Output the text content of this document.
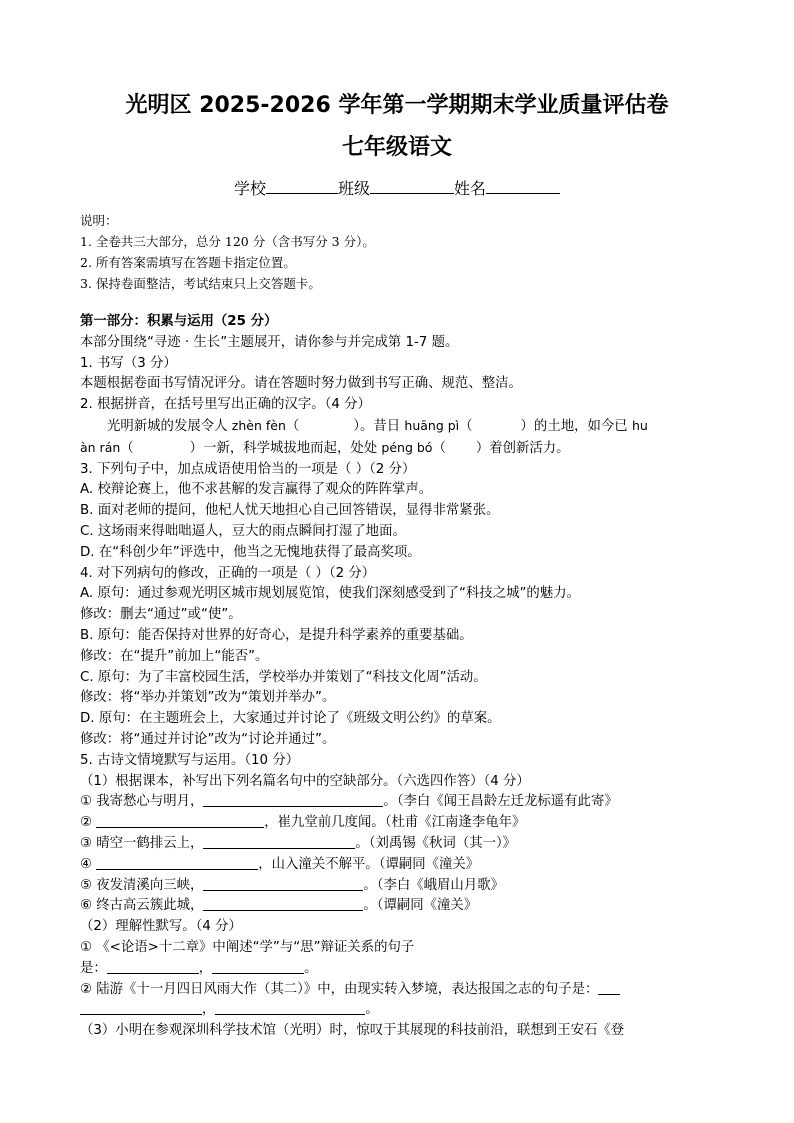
光明区 2025-2026 学年第一学期期末学业质量评估卷
七年级语文
学校	班级	姓名
说明：
1. 全卷共三大部分，总分 120 分（含书写分 3 分）。
2. 所有答案需填写在答题卡指定位置。
3. 保持卷面整洁，考试结束只上交答题卡。
第一部分：积累与运用（25 分）
本部分围绕“寻迹 · 生长”主题展开，请你参与并完成第 1-7 题。
1. 书写（3 分）
本题根据卷面书写情况评分。请在答题时努力做到书写正确、规范、整洁。
2. 根据拼音，在括号里写出正确的汉字。（4 分）
光明新城的发展令人 zhèn fèn（	）。昔日 huāng pì（	）的土地，如今已 hu
àn rán（	）一新，科学城拔地而起，处处 péng bó（ ）着创新活力。
3. 下列句子中，加点成语使用恰当的一项是（ ）（2 分）
A. 校辩论赛上，他不求甚解的发言赢得了观众的阵阵掌声。
B. 面对老师的提问，他杞人忧天地担心自己回答错误，显得非常紧张。
C. 这场雨来得咄咄逼人，豆大的雨点瞬间打湿了地面。
D. 在“科创少年”评选中，他当之无愧地获得了最高奖项。
4. 对下列病句的修改，正确的一项是（ ）（2 分）
A. 原句：通过参观光明区城市规划展览馆，使我们深刻感受到了“科技之城”的魅力。
修改：删去“通过”或“使”。
B. 原句：能否保持对世界的好奇心，是提升科学素养的重要基础。
修改：在“提升”前加上“能否”。
C. 原句：为了丰富校园生活，学校举办并策划了“科技文化周”活动。
修改：将“举办并策划”改为“策划并举办”。
D. 原句：在主题班会上，大家通过并讨论了《班级文明公约》的草案。
修改：将“通过并讨论”改为“讨论并通过”。
5. 古诗文情境默写与运用。（10 分）
（1）根据课本，补写出下列名篇名句中的空缺部分。（六选四作答）（4 分）
① 我寄愁心与明月，	。（李白《闻王昌龄左迁龙标遥有此寄》
②	，崔九堂前几度闻。（杜甫《江南逢李龟年》
③ 晴空一鹤排云上，	。（刘禹锡《秋词（其一）》
④	，山入潼关不解平。（谭嗣同《潼关》
⑤ 夜发清溪向三峡，	。（李白《峨眉山月歌》
⑥ 终古高云簇此城，	。（谭嗣同《潼关》
（2）理解性默写。（4 分）
① 《<论语>十二章》中阐述“学”与“思”辩证关系的句子
是：	，	。
② 陆游《十一月四日风雨大作（其二）》中，由现实转入梦境，表达报国之志的句子是：
，	。
（3）小明在参观深圳科学技术馆（光明）时，惊叹于其展现的科技前沿，联想到王安石《登
